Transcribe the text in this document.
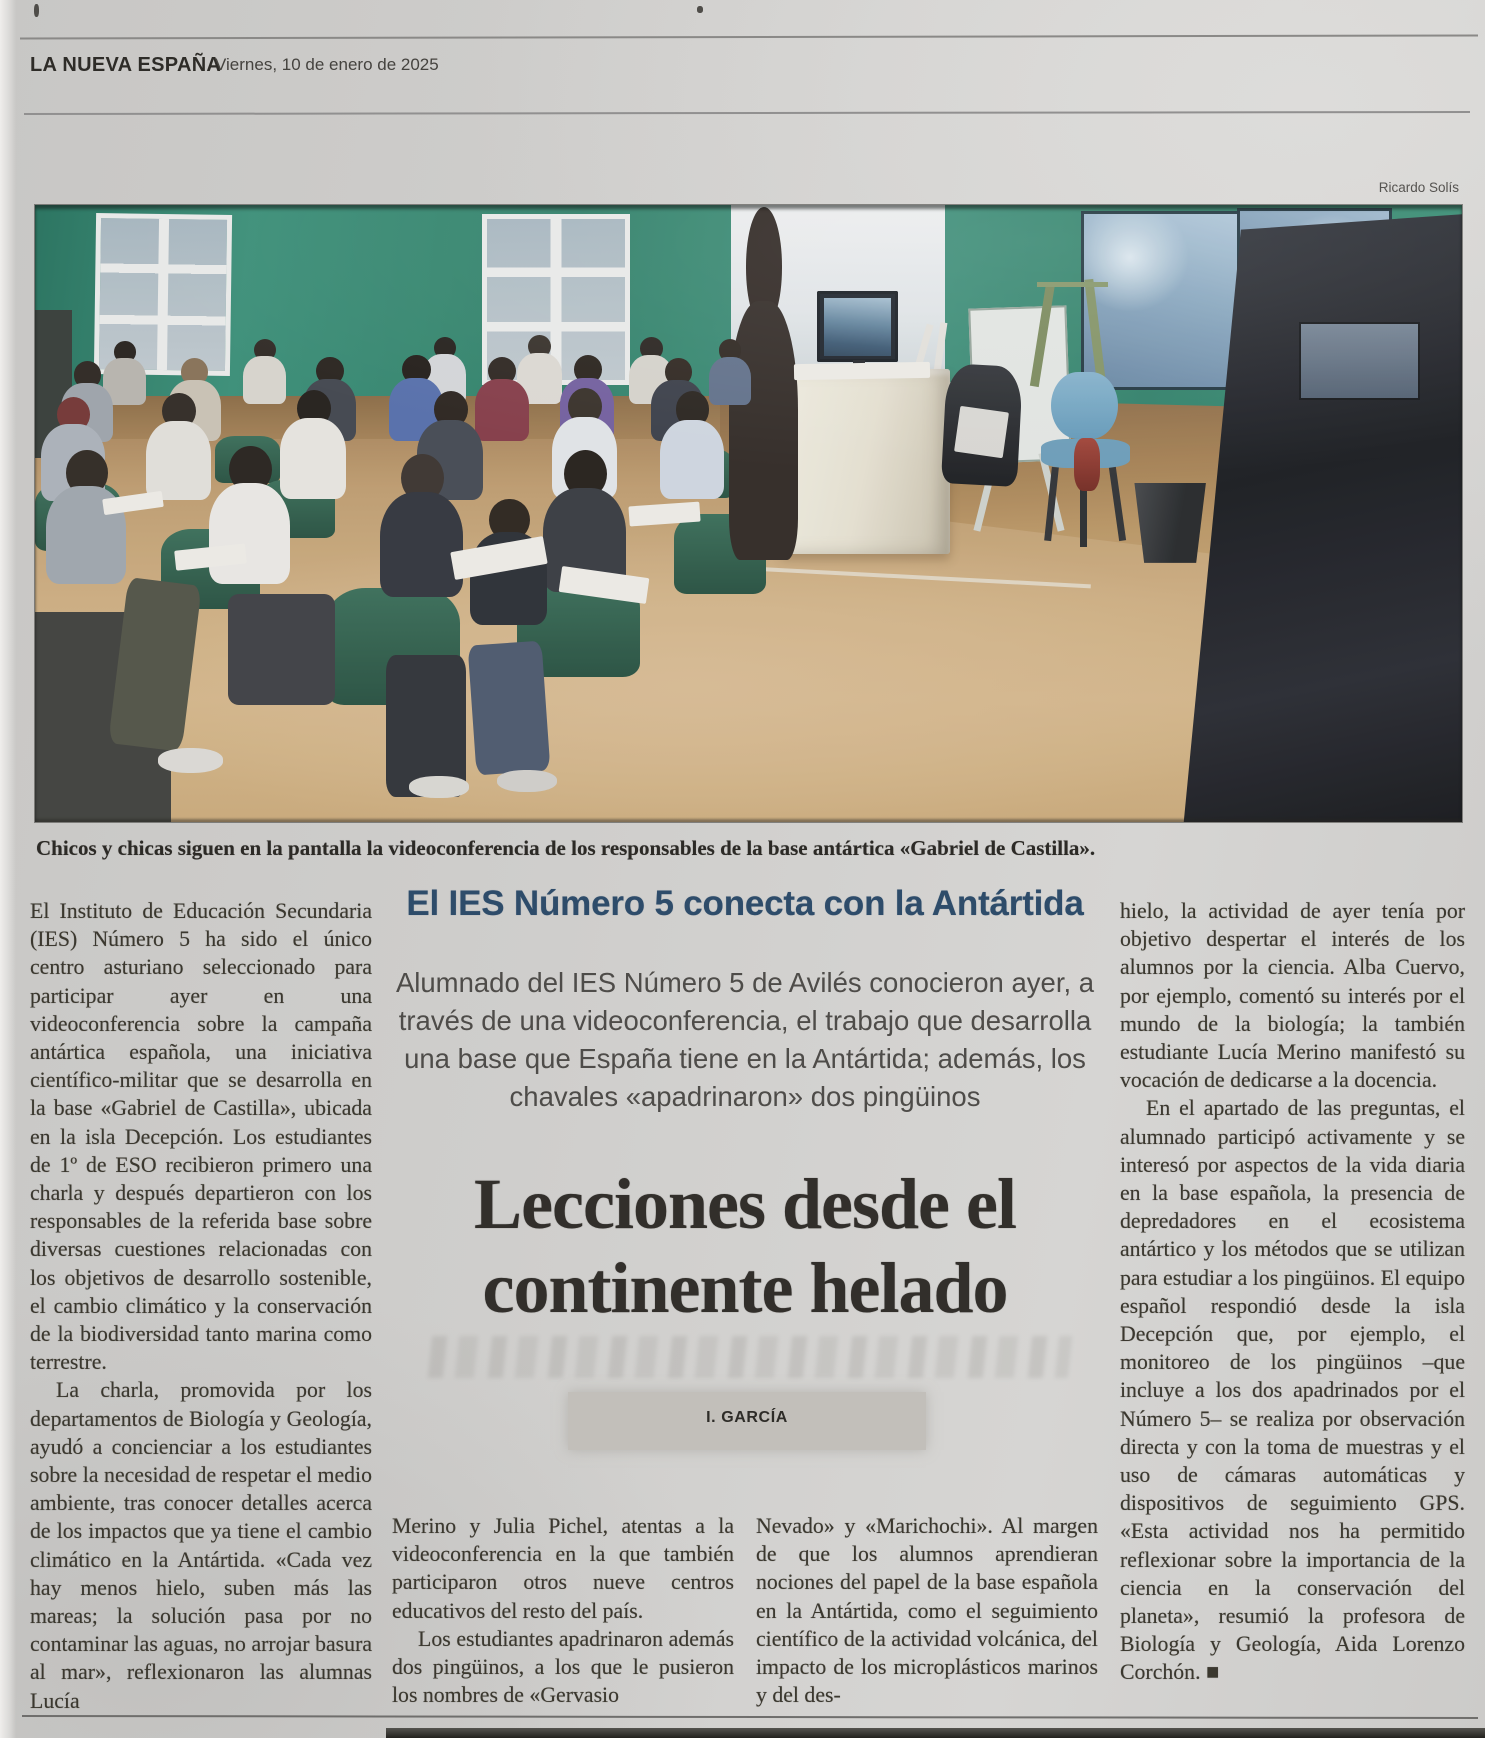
LA NUEVA ESPAÑA
Viernes, 10 de enero de 2025
Ricardo Solís

Chicos y chicas siguen en la pantalla la videoconferencia de los responsables de la base antártica «Gabriel de Castilla».

El Instituto de Educación Secundaria (IES) Número 5 ha sido el único centro asturiano seleccionado para participar ayer en una videoconferencia sobre la campaña antártica española, una iniciativa científico-militar que se desarrolla en la base «Gabriel de Castilla», ubicada en la isla Decepción. Los estudiantes de 1º de ESO recibieron primero una charla y después departieron con los responsables de la referida base sobre diversas cuestiones relacionadas con los objetivos de desarrollo sostenible, el cambio climático y la conservación de la biodiversidad tanto marina como terrestre.

La charla, promovida por los departamentos de Biología y Geología, ayudó a concienciar a los estudiantes sobre la necesidad de respetar el medio ambiente, tras conocer detalles acerca de los impactos que ya tiene el cambio climático en la Antártida. «Cada vez hay menos hielo, suben más las mareas; la solución pasa por no contaminar las aguas, no arrojar basura al mar», reflexionaron las alumnas Lucía

El IES Número 5 conecta con la Antártida

Alumnado del IES Número 5 de Avilés conocieron ayer, a través de una videoconferencia, el trabajo que desarrolla una base que España tiene en la Antártida; además, los chavales «apadrinaron» dos pingüinos

Lecciones desde el
continente helado
I. GARCÍA

Merino y Julia Pichel, atentas a la videoconferencia en la que también participaron otros nueve centros educativos del resto del país.

Los estudiantes apadrinaron además dos pingüinos, a los que le pusieron los nombres de «Gervasio

Nevado» y «Marichochi». Al margen de que los alumnos aprendieran nociones del papel de la base española en la Antártida, como el seguimiento científico de la actividad volcánica, del impacto de los microplásticos marinos y del des-

hielo, la actividad de ayer tenía por objetivo despertar el interés de los alumnos por la ciencia. Alba Cuervo, por ejemplo, comentó su interés por el mundo de la biología; la también estudiante Lucía Merino manifestó su vocación de dedicarse a la docencia.

En el apartado de las preguntas, el alumnado participó activamente y se interesó por aspectos de la vida diaria en la base española, la presencia de depredadores en el ecosistema antártico y los métodos que se utilizan para estudiar a los pingüinos. El equipo español respondió desde la isla Decepción que, por ejemplo, el monitoreo de los pingüinos –que incluye a los dos apadrinados por el Número 5– se realiza por observación directa y con la toma de muestras y el uso de cámaras automáticas y dispositivos de seguimiento GPS. «Esta actividad nos ha permitido reflexionar sobre la importancia de la ciencia en la conservación del planeta», resumió la profesora de Biología y Geología, Aida Lorenzo Corchón. ■
